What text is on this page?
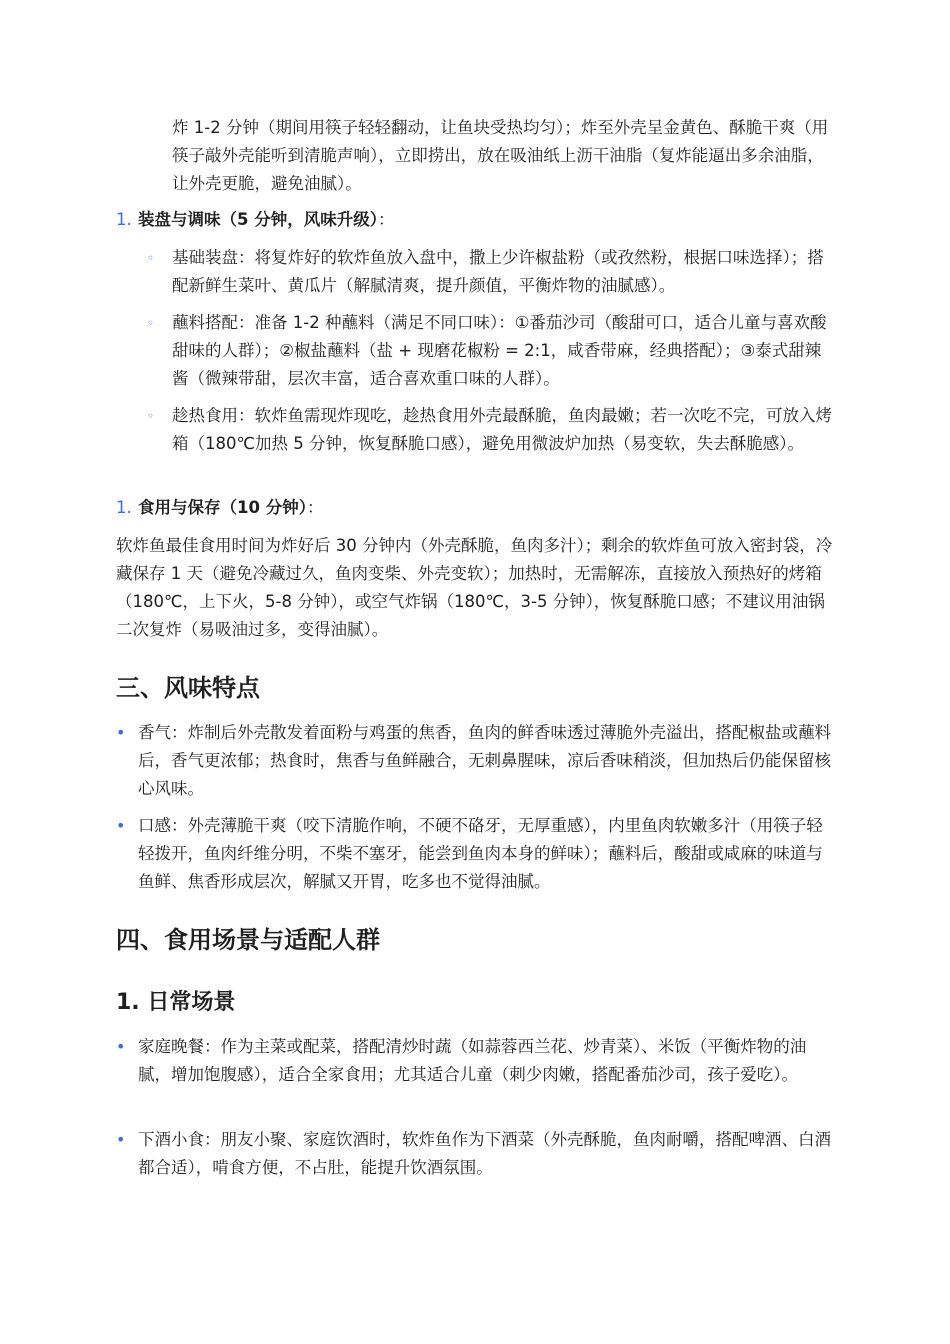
炸 1-2 分钟（期间用筷子轻轻翻动，让鱼块受热均匀）；炸至外壳呈金黄色、酥脆干爽（用筷子敲外壳能听到清脆声响），立即捞出，放在吸油纸上沥干油脂（复炸能逼出多余油脂，让外壳更脆，避免油腻）。

1. 装盘与调味（5 分钟，风味升级）：
◦ 基础装盘：将复炸好的软炸鱼放入盘中，撒上少许椒盐粉（或孜然粉，根据口味选择）；搭配新鲜生菜叶、黄瓜片（解腻清爽，提升颜值，平衡炸物的油腻感）。

◦ 蘸料搭配：准备 1-2 种蘸料（满足不同口味）：①番茄沙司（酸甜可口，适合儿童与喜欢酸甜味的人群）；②椒盐蘸料（盐 + 现磨花椒粉 = 2:1，咸香带麻，经典搭配）；③泰式甜辣酱（微辣带甜，层次丰富，适合喜欢重口味的人群）。

◦ 趁热食用：软炸鱼需现炸现吃，趁热食用外壳最酥脆，鱼肉最嫩；若一次吃不完，可放入烤箱（180℃加热 5 分钟，恢复酥脆口感），避免用微波炉加热（易变软，失去酥脆感）。

1. 食用与保存（10 分钟）：

软炸鱼最佳食用时间为炸好后 30 分钟内（外壳酥脆，鱼肉多汁）；剩余的软炸鱼可放入密封袋，冷藏保存 1 天（避免冷藏过久，鱼肉变柴、外壳变软）；加热时，无需解冻，直接放入预热好的烤箱（180℃，上下火，5-8 分钟），或空气炸锅（180℃，3-5 分钟），恢复酥脆口感；不建议用油锅二次复炸（易吸油过多，变得油腻）。

三、风味特点
• 香气：炸制后外壳散发着面粉与鸡蛋的焦香，鱼肉的鲜香味透过薄脆外壳溢出，搭配椒盐或蘸料后，香气更浓郁；热食时，焦香与鱼鲜融合，无刺鼻腥味，凉后香味稍淡，但加热后仍能保留核心风味。

• 口感：外壳薄脆干爽（咬下清脆作响，不硬不硌牙，无厚重感），内里鱼肉软嫩多汁（用筷子轻轻拨开，鱼肉纤维分明，不柴不塞牙，能尝到鱼肉本身的鲜味）；蘸料后，酸甜或咸麻的味道与鱼鲜、焦香形成层次，解腻又开胃，吃多也不觉得油腻。

四、食用场景与适配人群
1. 日常场景
• 家庭晚餐：作为主菜或配菜，搭配清炒时蔬（如蒜蓉西兰花、炒青菜）、米饭（平衡炸物的油腻，增加饱腹感），适合全家食用；尤其适合儿童（刺少肉嫩，搭配番茄沙司，孩子爱吃）。

• 下酒小食：朋友小聚、家庭饮酒时，软炸鱼作为下酒菜（外壳酥脆，鱼肉耐嚼，搭配啤酒、白酒都合适），啃食方便，不占肚，能提升饮酒氛围。
